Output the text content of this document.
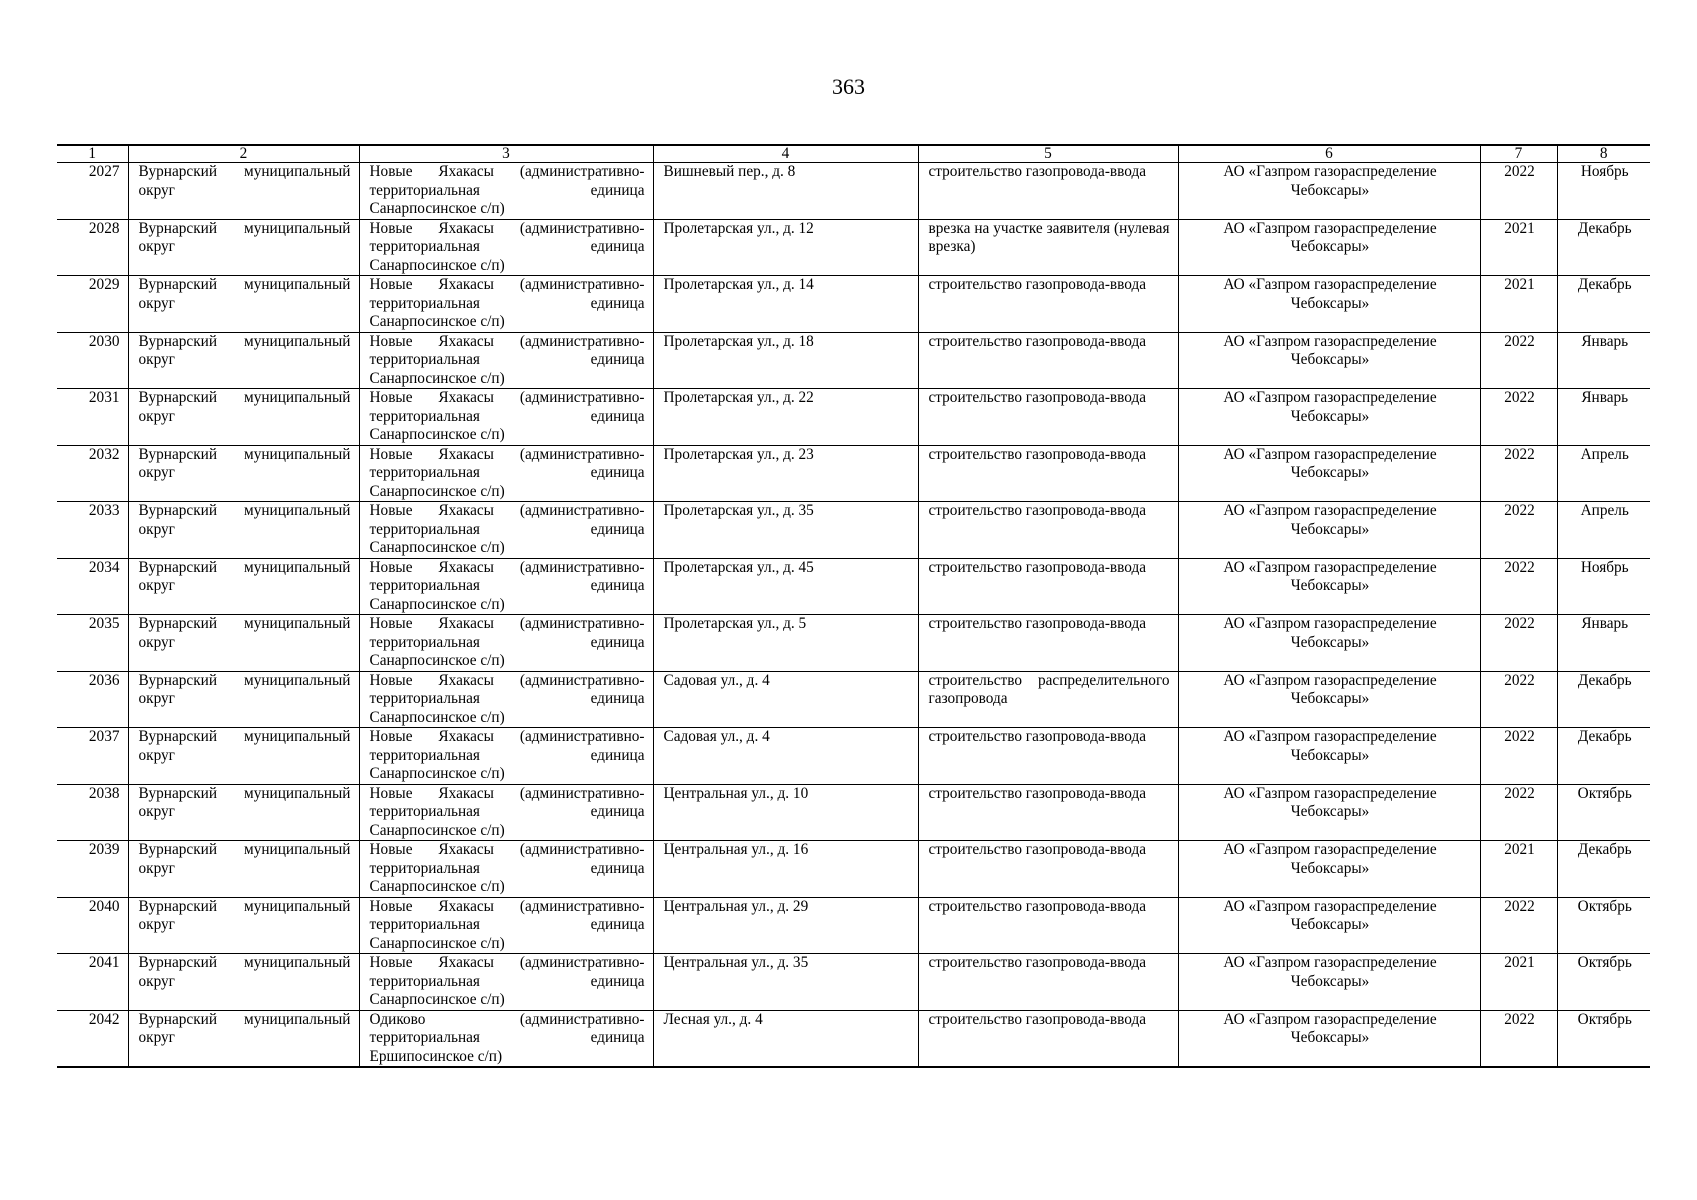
363
1	2	3	4	5	6	7	8
2027	Вурнарский муниципальный округ	Новые Яхакасы (административно-территориальная единица Санарпосинское с/п)	Вишневый пер., д. 8	строительство газопровода-ввода	АО «Газпром газораспределение Чебоксары»	2022	Ноябрь
2028	Вурнарский муниципальный округ	Новые Яхакасы (административно-территориальная единица Санарпосинское с/п)	Пролетарская ул., д. 12	врезка на участке заявителя (нулевая врезка)	АО «Газпром газораспределение Чебоксары»	2021	Декабрь
2029	Вурнарский муниципальный округ	Новые Яхакасы (административно-территориальная единица Санарпосинское с/п)	Пролетарская ул., д. 14	строительство газопровода-ввода	АО «Газпром газораспределение Чебоксары»	2021	Декабрь
2030	Вурнарский муниципальный округ	Новые Яхакасы (административно-территориальная единица Санарпосинское с/п)	Пролетарская ул., д. 18	строительство газопровода-ввода	АО «Газпром газораспределение Чебоксары»	2022	Январь
2031	Вурнарский муниципальный округ	Новые Яхакасы (административно-территориальная единица Санарпосинское с/п)	Пролетарская ул., д. 22	строительство газопровода-ввода	АО «Газпром газораспределение Чебоксары»	2022	Январь
2032	Вурнарский муниципальный округ	Новые Яхакасы (административно-территориальная единица Санарпосинское с/п)	Пролетарская ул., д. 23	строительство газопровода-ввода	АО «Газпром газораспределение Чебоксары»	2022	Апрель
2033	Вурнарский муниципальный округ	Новые Яхакасы (административно-территориальная единица Санарпосинское с/п)	Пролетарская ул., д. 35	строительство газопровода-ввода	АО «Газпром газораспределение Чебоксары»	2022	Апрель
2034	Вурнарский муниципальный округ	Новые Яхакасы (административно-территориальная единица Санарпосинское с/п)	Пролетарская ул., д. 45	строительство газопровода-ввода	АО «Газпром газораспределение Чебоксары»	2022	Ноябрь
2035	Вурнарский муниципальный округ	Новые Яхакасы (административно-территориальная единица Санарпосинское с/п)	Пролетарская ул., д. 5	строительство газопровода-ввода	АО «Газпром газораспределение Чебоксары»	2022	Январь
2036	Вурнарский муниципальный округ	Новые Яхакасы (административно-территориальная единица Санарпосинское с/п)	Садовая ул., д. 4	строительство распределительного газопровода	АО «Газпром газораспределение Чебоксары»	2022	Декабрь
2037	Вурнарский муниципальный округ	Новые Яхакасы (административно-территориальная единица Санарпосинское с/п)	Садовая ул., д. 4	строительство газопровода-ввода	АО «Газпром газораспределение Чебоксары»	2022	Декабрь
2038	Вурнарский муниципальный округ	Новые Яхакасы (административно-территориальная единица Санарпосинское с/п)	Центральная ул., д. 10	строительство газопровода-ввода	АО «Газпром газораспределение Чебоксары»	2022	Октябрь
2039	Вурнарский муниципальный округ	Новые Яхакасы (административно-территориальная единица Санарпосинское с/п)	Центральная ул., д. 16	строительство газопровода-ввода	АО «Газпром газораспределение Чебоксары»	2021	Декабрь
2040	Вурнарский муниципальный округ	Новые Яхакасы (административно-территориальная единица Санарпосинское с/п)	Центральная ул., д. 29	строительство газопровода-ввода	АО «Газпром газораспределение Чебоксары»	2022	Октябрь
2041	Вурнарский муниципальный округ	Новые Яхакасы (административно-территориальная единица Санарпосинское с/п)	Центральная ул., д. 35	строительство газопровода-ввода	АО «Газпром газораспределение Чебоксары»	2021	Октябрь
2042	Вурнарский муниципальный округ	Одиково (административно-территориальная единица Ершипосинское с/п)	Лесная ул., д. 4	строительство газопровода-ввода	АО «Газпром газораспределение Чебоксары»	2022	Октябрь
